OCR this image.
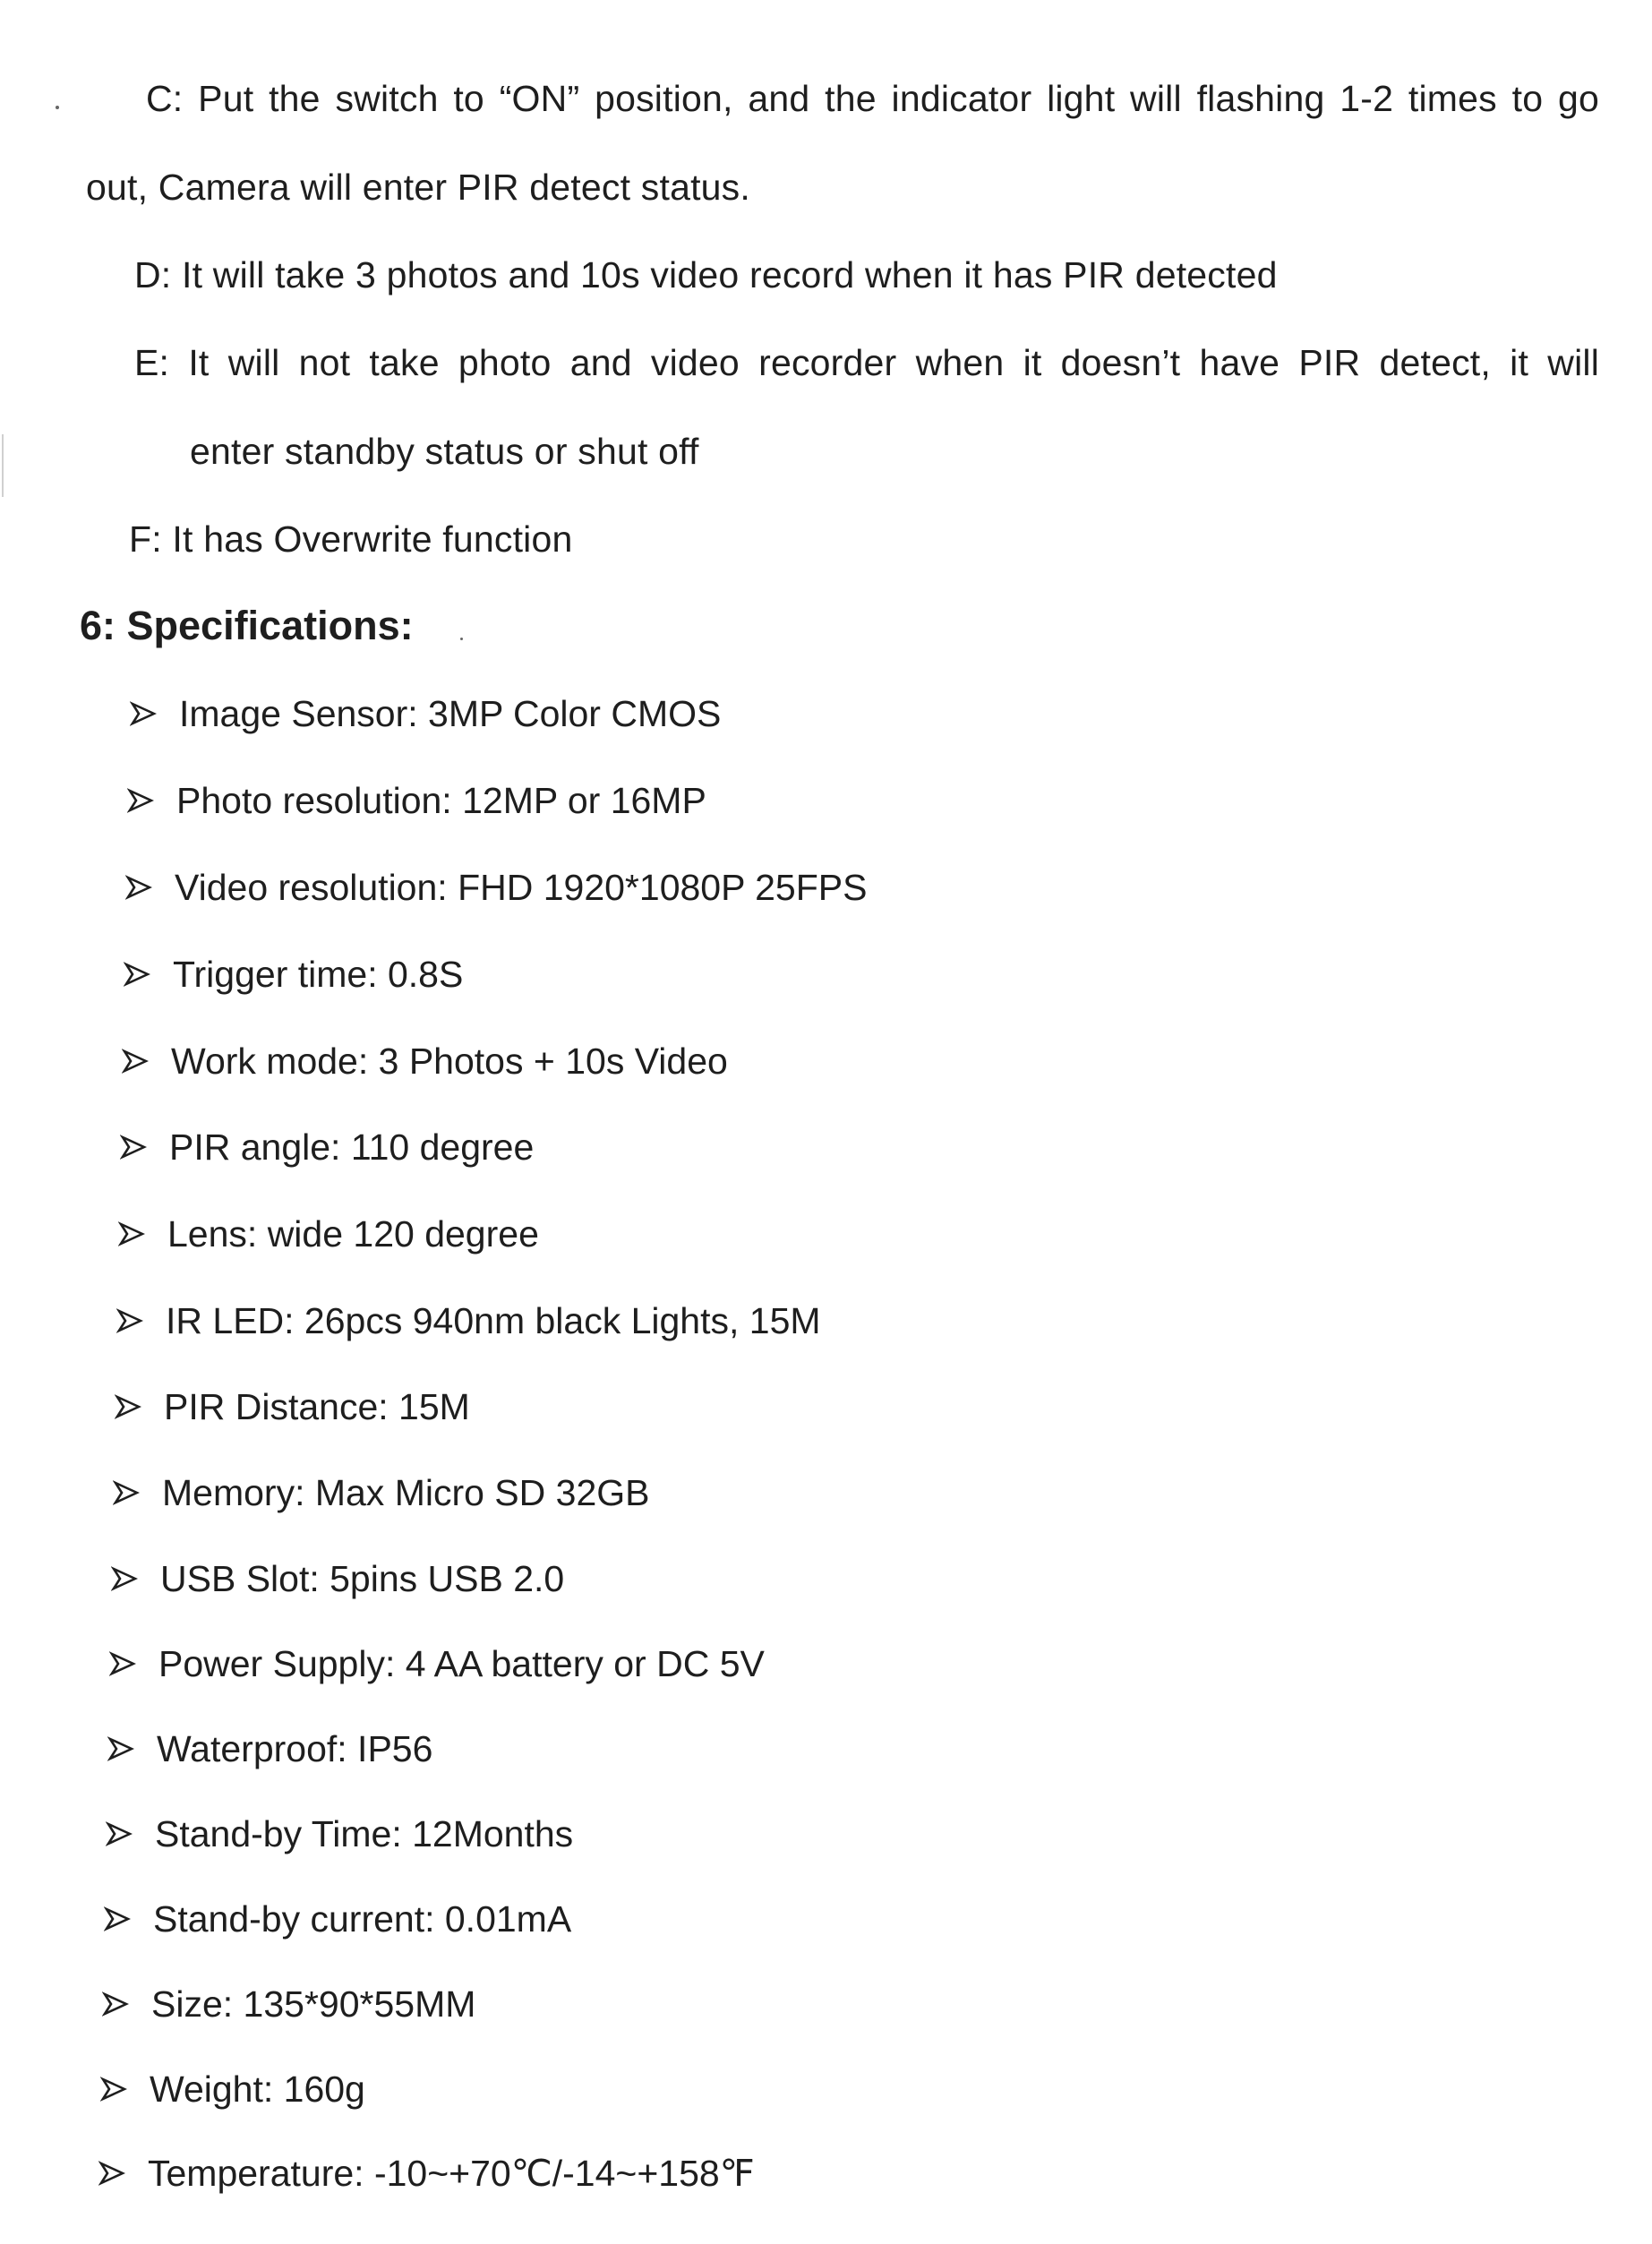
C: Put the switch to “ON” position, and the indicator light will flashing 1-2 times to go
out, Camera will enter PIR detect status.
D: It will take 3 photos and 10s video record when it has PIR detected
E: It will not take photo and video recorder when it doesn’t have PIR detect, it will
enter standby status or shut off
F: It has Overwrite function
6: Specifications:
Image Sensor: 3MP Color CMOS
Photo resolution: 12MP or 16MP
Video resolution: FHD 1920*1080P 25FPS
Trigger time: 0.8S
Work mode: 3 Photos + 10s Video
PIR angle: 110 degree
Lens: wide 120 degree
IR LED: 26pcs 940nm black Lights, 15M
PIR Distance: 15M
Memory: Max Micro SD 32GB
USB Slot: 5pins USB 2.0
Power Supply: 4 AA battery or DC 5V
Waterproof: IP56
Stand-by Time: 12Months
Stand-by current: 0.01mA
Size: 135*90*55MM
Weight: 160g
Temperature: -10~+70℃/-14~+158℉
